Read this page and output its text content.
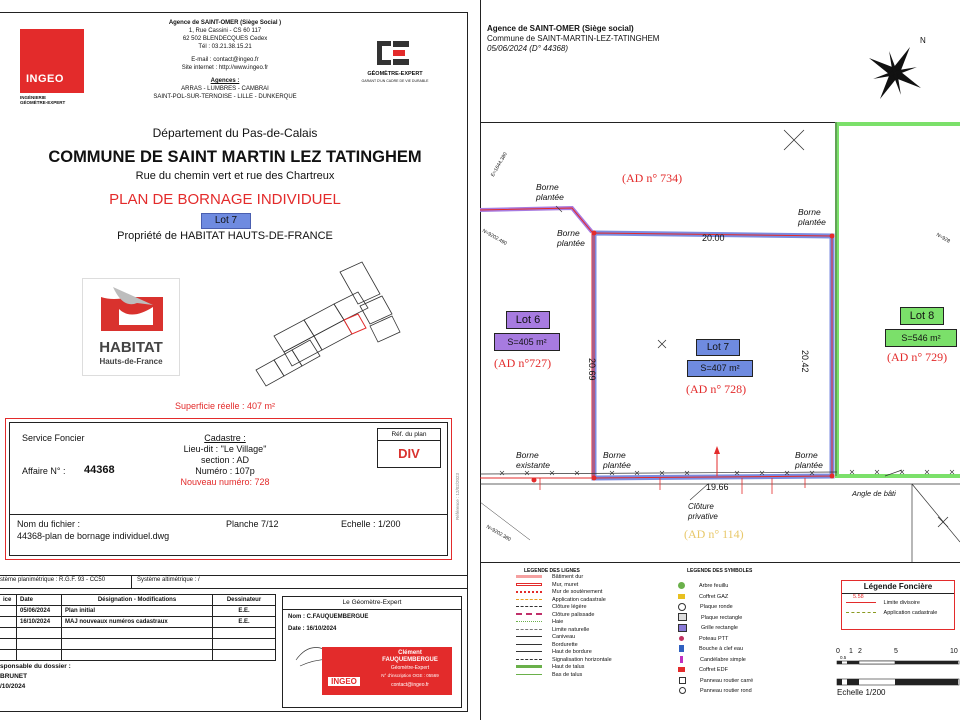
INGEO
INGÉNIERIE
GÉOMÈTRE-EXPERT
Agence de SAINT-OMER (Siège Social )
1, Rue Cassini - CS 60 117
62 502 BLENDECQUES Cedex
Tél : 03.21.38.15.21
E-mail : contact@ingeo.fr
Site internet : http://www.ingeo.fr
Agences :
ARRAS - LUMBRES - CAMBRAI
SAINT-POL-SUR-TERNOISE - LILLE - DUNKERQUE
GÉOMÈTRE-EXPERT
GARANT D'UN CADRE DE VIE DURABLE
Département du Pas-de-Calais
COMMUNE DE SAINT MARTIN LEZ TATINGHEM
Rue du chemin vert et rue des Chartreux
PLAN DE BORNAGE INDIVIDUEL
Lot 7
Propriété de HABITAT HAUTS-DE-FRANCE
HABITAT
Hauts-de-France
Superficie réelle : 407 m²
Service Foncier
Affaire N° : 44368
Cadastre :
Lieu-dit : "Le Village"
section : AD
Numéro : 107p
Nouveau numéro: 728
Réf. du plan
DIV
Nom du fichier :
44368-plan de bornage individuel.dwg
Planche 7/12	Echelle : 1/200
Référence : 12/02/2023
stème planimétrique : R.G.F. 93 - CC50	Système altimétrique : /
ice	Date	Désignation - Modifications	Dessinateur
	05/06/2024	Plan initial	E.E.
	16/10/2024	MAJ nouveaux numéros cadastraux	E.E.

sponsable du dossier :
BRUNET
/10/2024
Le Géomètre-Expert
Nom : C.FAUQUEMBERGUE
Date : 16/10/2024
INGEO
Clément FAUQUEMBERGUE
Géomètre-Expert
N° d'inscription OGE : 05569
contact@ingeo.fr
Agence de SAINT-OMER (Siège social)
Commune de SAINT-MARTIN-LEZ-TATINGHEM
05/06/2024 (D° 44368)
N
(AD n° 734)
(AD n°727)
(AD n° 728)
(AD n° 729)
(AD n° 114)
Lot 6
S=405 m²	Lot 7
S=407 m²
Lot 8
S=546 m²
20.00
20.69	20.42
19.66
Borne
plantée
Borne
plantée
Borne
plantée
Borne
existante
Borne
plantée
Borne
plantée
Clôture
privative
Angle de bâti
E=1644.380
N=9202.490
N=9202.380
N=928
LEGENDE DES LIGNES
Bâtiment dur
Mur, muret
Mur de soutènement
Application cadastrale
Clôture légère
Clôture palissade
Haie
Limite naturelle
Caniveau
Bordurette
Haut de bordure
Signalisation horizontale
Haut de talus
Bas de talus
LEGENDE DES SYMBOLES
Arbre feuillu
Coffret GAZ
Plaque ronde
Plaque rectangle
Grille rectangle
Poteau PTT
Bouche à clef eau
Candélabre simple
Coffret EDF
Panneau routier carré
Panneau routier rond
Légende Foncière
5.58
Limite divisoire
Application cadastrale
0
0.5
1 2	5	10
Echelle 1/200
